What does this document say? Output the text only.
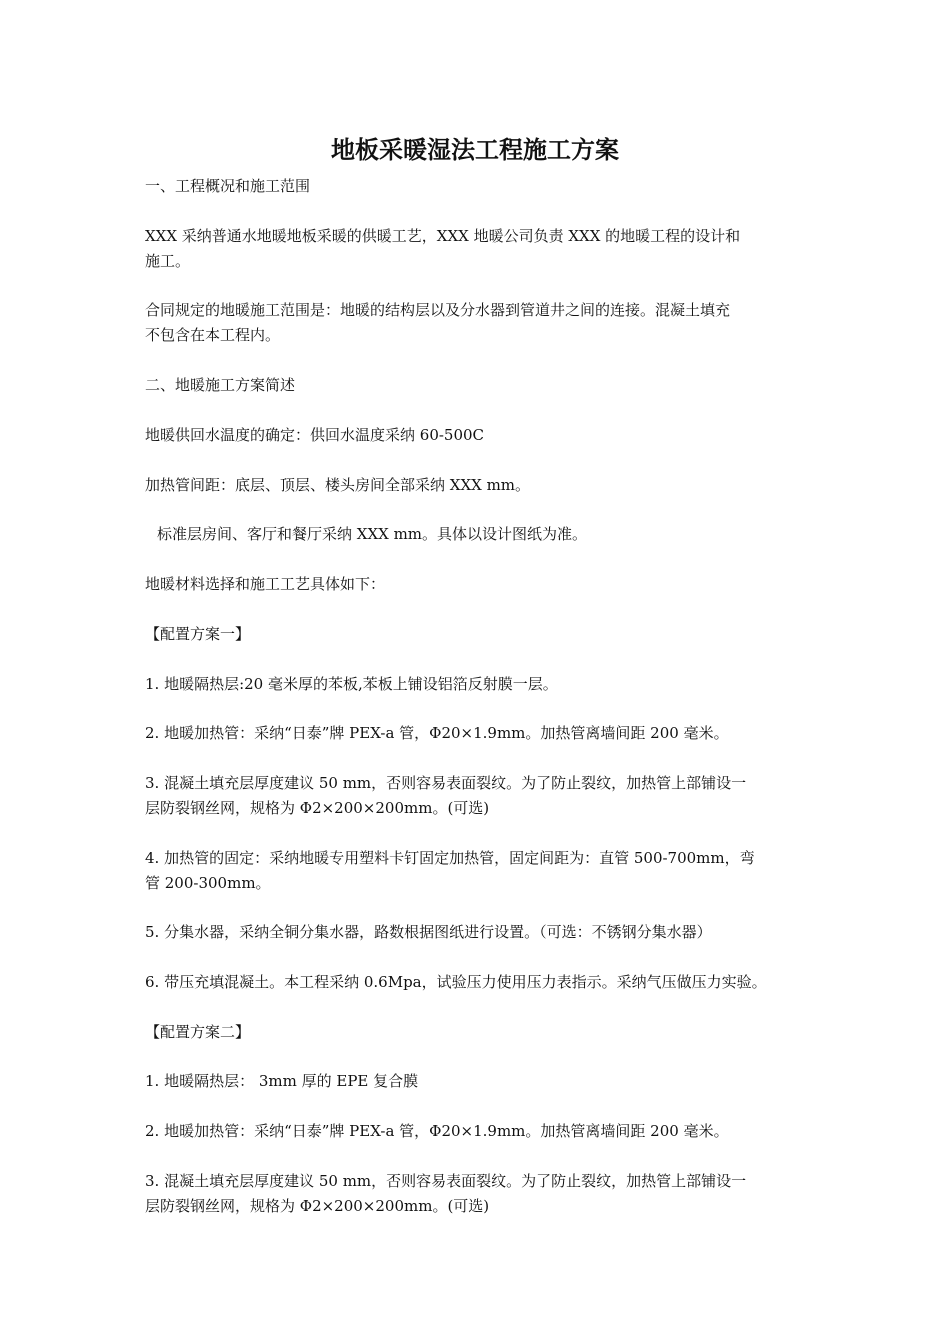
地板采暖湿法工程施工方案
一、工程概况和施工范围
XXX 采纳普通水地暖地板采暖的供暖工艺，XXX 地暖公司负责 XXX 的地暖工程的设计和
施工。
合同规定的地暖施工范围是：地暖的结构层以及分水器到管道井之间的连接。混凝土填充
不包含在本工程内。
二、地暖施工方案简述
地暖供回水温度的确定：供回水温度采纳 60-500C
加热管间距：底层、顶层、楼头房间全部采纳 XXX mm。
标准层房间、客厅和餐厅采纳 XXX mm。具体以设计图纸为准。
地暖材料选择和施工工艺具体如下：
【配置方案一】
1. 地暖隔热层:20 毫米厚的苯板,苯板上铺设铝箔反射膜一层。
2. 地暖加热管：采纳“日泰”牌 PEX-a 管，Φ20×1.9mm。加热管离墙间距 200 毫米。
3. 混凝土填充层厚度建议 50 mm，否则容易表面裂纹。为了防止裂纹，加热管上部铺设一
层防裂钢丝网，规格为 Φ2×200×200mm。(可选)
4. 加热管的固定：采纳地暖专用塑料卡钉固定加热管，固定间距为：直管 500-700mm，弯
管 200-300mm。
5. 分集水器，采纳全铜分集水器，路数根据图纸进行设置。（可选：不锈钢分集水器）
6. 带压充填混凝土。本工程采纳 0.6Mpa，试验压力使用压力表指示。采纳气压做压力实验。
【配置方案二】
1. 地暖隔热层： 3mm 厚的 EPE 复合膜
2. 地暖加热管：采纳“日泰”牌 PEX-a 管，Φ20×1.9mm。加热管离墙间距 200 毫米。
3. 混凝土填充层厚度建议 50 mm，否则容易表面裂纹。为了防止裂纹，加热管上部铺设一
层防裂钢丝网，规格为 Φ2×200×200mm。(可选)
